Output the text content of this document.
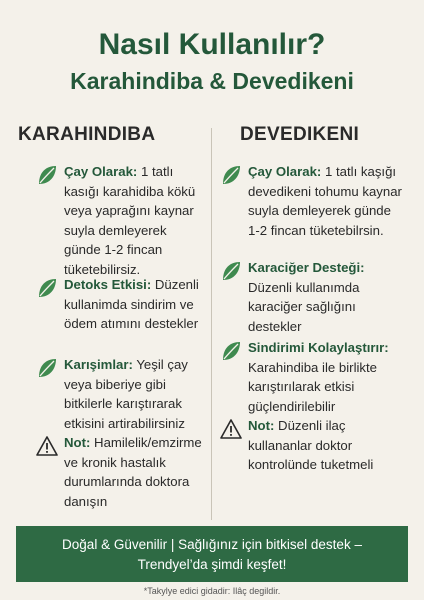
Nasıl Kullanılır?
Karahindiba & Devedikeni
KARAHINDIBA	DEVEDIKENI
Çay Olarak: 1 tatlı kasığı karahidiba kökü veya yaprağını kaynar suyla demleyerek günde 1-2 fincan tüketebilirsiz.
Detoks Etkisi: Düzenli kullanimda sindirim ve ödem atımını destekler
Karışimlar: Yeşil çay veya biberiye gibi bitkilerle karıştırarak etkisini artirabilirsiniz
Not: Hamilelik/emzirme ve kronik hastalık durumlarında doktora danışın
Çay Olarak: 1 tatlı kaşığı devedikeni tohumu kaynar suyla demleyerek günde 1-2 fincan tüketebilrsin.
Karaciğer Desteği: Düzenli kullanımda karaciğer sağlığını destekler
Sindirimi Kolaylaştırır: Karahindiba ile birlikte karıştırılarak etkisi güçlendirilebilir
Not: Düzenli ilaç kullananlar doktor kontrolünde tuketmeli
Doğal & Güvenilir | Sağlığınız için bitkisel destek –
Trendyel’da şimdi keşfet!
*Takylye edici gidadir: Ilâç degildir.
